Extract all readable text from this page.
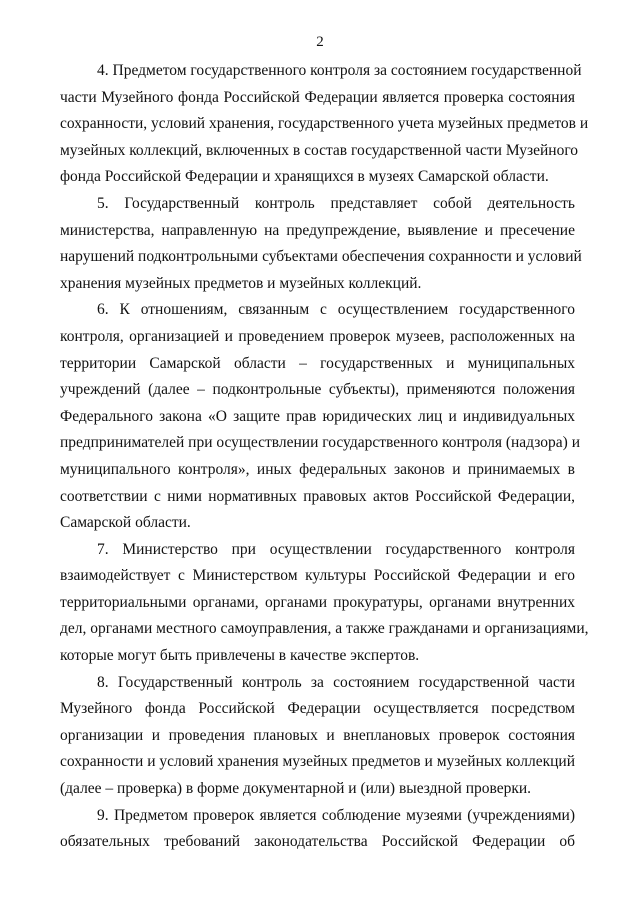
2
4. Предметом государственного контроля за состоянием государственной
части Музейного фонда Российской Федерации является проверка состояния
сохранности, условий хранения, государственного учета музейных предметов и
музейных коллекций, включенных в состав государственной части Музейного
фонда Российской Федерации и хранящихся в музеях Самарской области.
5. Государственный контроль представляет собой деятельность
министерства, направленную на предупреждение, выявление и пресечение
нарушений подконтрольными субъектами обеспечения сохранности и условий
хранения музейных предметов и музейных коллекций.
6. К отношениям, связанным с осуществлением государственного
контроля, организацией и проведением проверок музеев, расположенных на
территории Самарской области – государственных и муниципальных
учреждений (далее – подконтрольные субъекты), применяются положения
Федерального закона «О защите прав юридических лиц и индивидуальных
предпринимателей при осуществлении государственного контроля (надзора) и
муниципального контроля», иных федеральных законов и принимаемых в
соответствии с ними нормативных правовых актов Российской Федерации,
Самарской области.
7. Министерство при осуществлении государственного контроля
взаимодействует с Министерством культуры Российской Федерации и его
территориальными органами, органами прокуратуры, органами внутренних
дел, органами местного самоуправления, а также гражданами и организациями,
которые могут быть привлечены в качестве экспертов.
8. Государственный контроль за состоянием государственной части
Музейного фонда Российской Федерации осуществляется посредством
организации и проведения плановых и внеплановых проверок состояния
сохранности и условий хранения музейных предметов и музейных коллекций
(далее – проверка) в форме документарной и (или) выездной проверки.
9. Предметом проверок является соблюдение музеями (учреждениями)
обязательных требований законодательства Российской Федерации об
